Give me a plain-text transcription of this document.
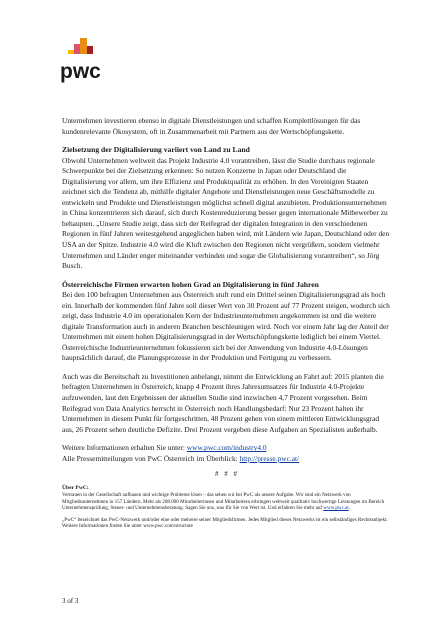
pwc

Unternehmen investieren ebenso in digitale Dienstleistungen und schaffen Komplettlösungen für das kundenrelevante Ökosystem, oft in Zusammenarbeit mit Partnern aus der Wertschöpfungskette.

Zielsetzung der Digitalisierung variiert von Land zu Land

Obwohl Unternehmen weltweit das Projekt Industrie 4.0 vorantreiben, lässt die Studie durchaus regionale Schwerpunkte bei der Zielsetzung erkennen: So nutzen Konzerne in Japan oder Deutschland die Digitalisierung vor allem, um ihre Effizienz und Produktqualität zu erhöhen. In den Vereinigten Staaten zeichnet sich die Tendenz ab, mithilfe digitaler Angebote und Dienstleistungen neue Geschäftsmodelle zu entwickeln und Produkte und Dienstleistungen möglichst schnell digital anzubieten. Produktionsunternehmen in China konzentrieren sich darauf, sich durch Kostenreduzierung besser gegen internationale Mitbewerber zu behaupten. „Unsere Studie zeigt, dass sich der Reifegrad der digitalen Integration in den verschiedenen Regionen in fünf Jahren weitestgehend angeglichen haben wird, mit Ländern wie Japan, Deutschland oder den USA an der Spitze. Industrie 4.0 wird die Kluft zwischen den Regionen nicht vergrößern, sondern vielmehr Unternehmen und Länder enger miteinander verbinden und sogar die Globalisierung vorantreiben“, so Jörg Busch.

Österreichische Firmen erwarten hohen Grad an Digitalisierung in fünf Jahren

Bei den 100 befragten Unternehmen aus Österreich stuft rund ein Drittel seinen Digitalisierungsgrad als hoch ein. Innerhalb der kommenden fünf Jahre soll dieser Wert von 30 Prozent auf 77 Prozent steigen, wodurch sich zeigt, dass Industrie 4.0 im operationalen Kern der Industrieunternehmen angekommen ist und die weitere digitale Transformation auch in anderen Branchen beschleunigen wird. Noch vor einem Jahr lag der Anteil der Unternehmen mit einem hohen Digitalisierungsgrad in der Wertschöpfungskette lediglich bei einem Viertel. Österreichische Industrieunternehmen fokussieren sich bei der Anwendung von Industrie 4.0-Lösungen hauptsächlich darauf, die Planungsprozesse in der Produktion und Fertigung zu verbessern.

Auch was die Bereitschaft zu Investitionen anbelangt, nimmt die Entwicklung an Fahrt auf: 2015 planten die befragten Unternehmen in Österreich, knapp 4 Prozent ihres Jahresumsatzes für Industrie 4.0-Projekte aufzuwenden, laut den Ergebnissen der aktuellen Studie sind inzwischen 4,7 Prozent vorgesehen. Beim Reifegrad von Data Analytics herrscht in Österreich noch Handlungsbedarf: Nur 23 Prozent halten ihr Unternehmen in diesem Punkt für fortgeschritten, 48 Prozent gehen von einem mittleren Entwicklungsgrad aus, 26 Prozent sehen deutliche Defizite. Drei Prozent vergeben diese Aufgaben an Spezialisten außerhalb.

Weitere Informationen erhalten Sie unter: www.pwc.com/industry4.0

Alle Pressemitteilungen von PwC Österreich im Überblick: http://presse.pwc.at/

# # #
Über PwC:

Vertrauen in der Gesellschaft aufbauen und wichtige Probleme lösen – das sehen wir bei PwC als unsere Aufgabe. Wir sind ein Netzwerk von Mitgliedsunternehmen in 157 Ländern. Mehr als 208.000 Mitarbeiterinnen und Mitarbeitern erbringen weltweit qualitativ hochwertige Leistungen im Bereich Unternehmensprüfung, Steuer- und Unternehmensberatung. Sagen Sie uns, was für Sie von Wert ist. Und erfahren Sie mehr auf www.pwc.at.

„PwC“ bezeichnet das PwC-Netzwerk und/oder eine oder mehrere seiner Mitgliedsfirmen. Jedes Mitglied dieses Netzwerks ist ein selbständiges Rechtssubjekt. Weitere Informationen finden Sie unter www.pwc.com/structure

3 of 3
